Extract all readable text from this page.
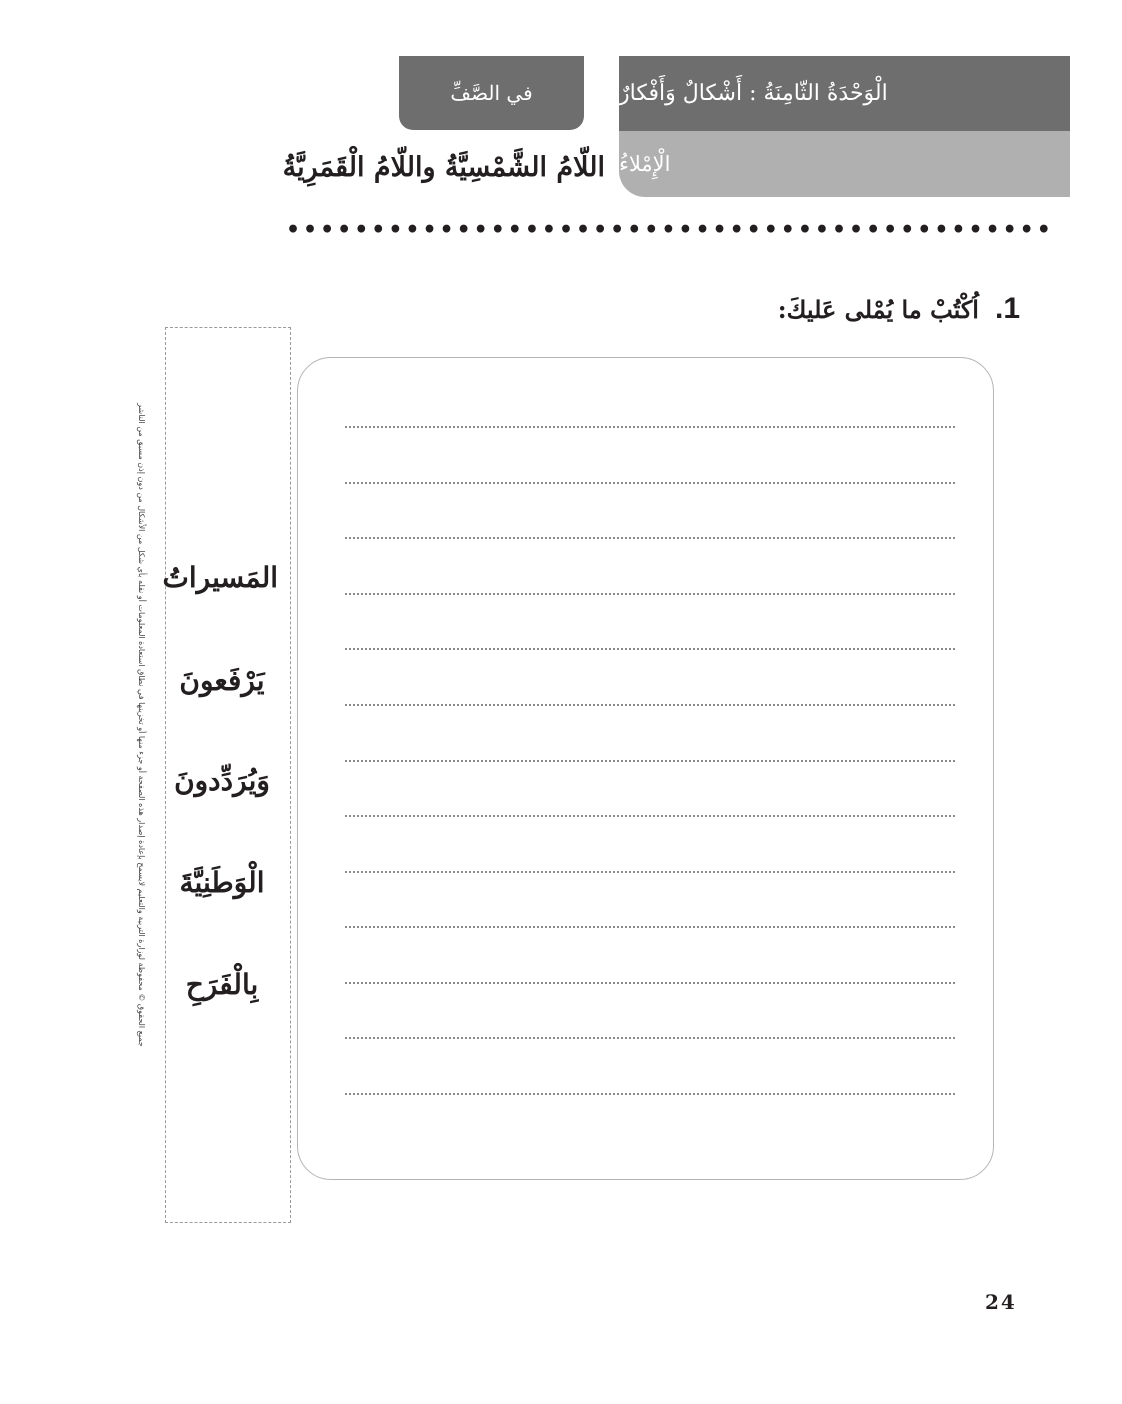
في الصَّفِّ	الْوَحْدَةُ الثّامِنَةُ : أَشْكالٌ وَأَفْكارٌ
الْإِمْلاءُ
اللّامُ الشَّمْسِيَّةُ واللّامُ الْقَمَرِيَّةُ
•••••••••••••••••••••••••••••••••••••••••••••
1.
اُكْتُبْ ما يُمْلى عَليكَ:
المَسيراتُ
يَرْفَعونَ
وَيُرَدِّدونَ
الْوَطَنِيَّةَ
بِالْفَرَحِ
جميع الحقوق © محفوظة لوزارة التربية والتعليم لايسمح بإعادة إصدار هذه الصفحة أو جزء منها أو تخزينها في نطاق استعادة المعلومات أو نقله بأي شكل من الأشكال من دون إذن مسبق من الناشر
24
